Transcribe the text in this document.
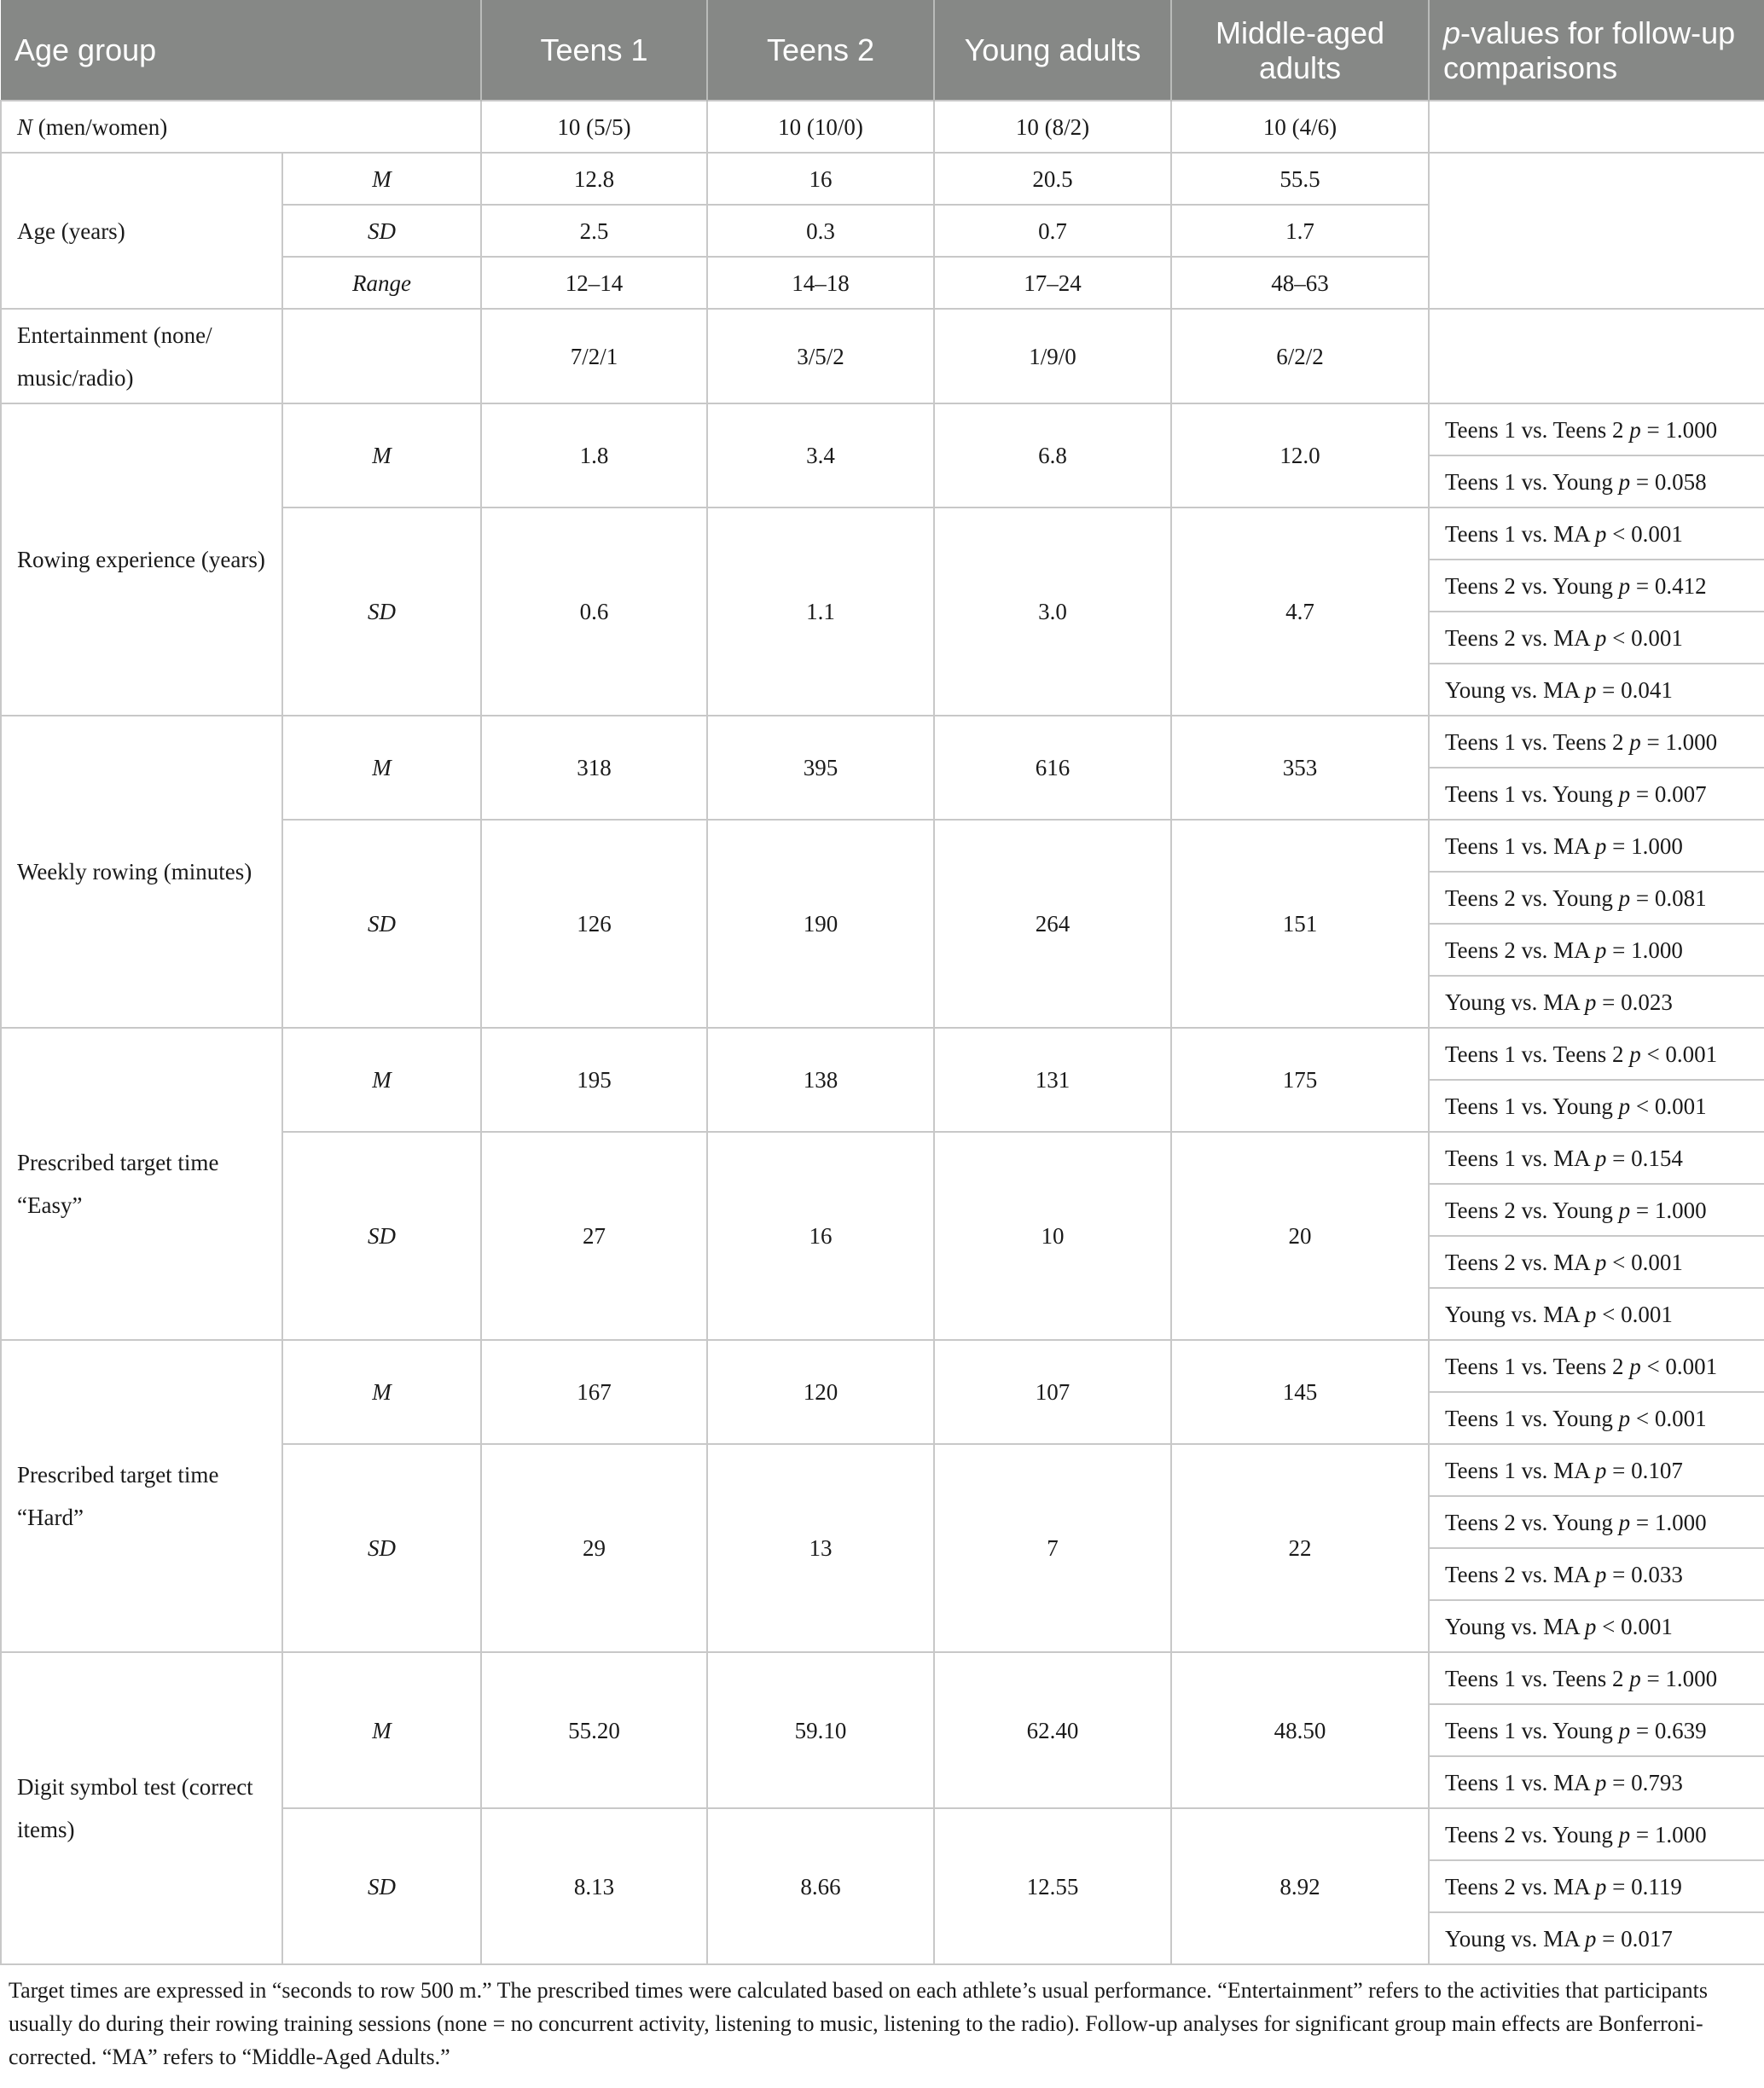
Age group		Teens 1	Teens 2	Young adults	Middle-aged adults	p-values for follow-up comparisons
N (men/women)		10 (5/5)	10 (10/0)	10 (8/2)	10 (4/6)	
Age (years)	M	12.8	16	20.5	55.5	
	SD	2.5	0.3	0.7	1.7	
	Range	12–14	14–18	17–24	48–63	
Entertainment (none/ music/radio)		7/2/1	3/5/2	1/9/0	6/2/2	
Rowing experience (years)	M	1.8	3.4	6.8	12.0	Teens 1 vs. Teens 2 p = 1.000
						Teens 1 vs. Young p = 0.058
	SD	0.6	1.1	3.0	4.7	Teens 1 vs. MA p < 0.001
						Teens 2 vs. Young p = 0.412
						Teens 2 vs. MA p < 0.001
						Young vs. MA p = 0.041
Weekly rowing (minutes)	M	318	395	616	353	Teens 1 vs. Teens 2 p = 1.000
						Teens 1 vs. Young p = 0.007
	SD	126	190	264	151	Teens 1 vs. MA p = 1.000
						Teens 2 vs. Young p = 0.081
						Teens 2 vs. MA p = 1.000
						Young vs. MA p = 0.023
Prescribed target time “Easy”	M	195	138	131	175	Teens 1 vs. Teens 2 p < 0.001
						Teens 1 vs. Young p < 0.001
	SD	27	16	10	20	Teens 1 vs. MA p = 0.154
						Teens 2 vs. Young p = 1.000
						Teens 2 vs. MA p < 0.001
						Young vs. MA p < 0.001
Prescribed target time “Hard”	M	167	120	107	145	Teens 1 vs. Teens 2 p < 0.001
						Teens 1 vs. Young p < 0.001
	SD	29	13	7	22	Teens 1 vs. MA p = 0.107
						Teens 2 vs. Young p = 1.000
						Teens 2 vs. MA p = 0.033
						Young vs. MA p < 0.001
Digit symbol test (correct items)	M	55.20	59.10	62.40	48.50	Teens 1 vs. Teens 2 p = 1.000
						Teens 1 vs. Young p = 0.639
						Teens 1 vs. MA p = 0.793
	SD	8.13	8.66	12.55	8.92	Teens 2 vs. Young p = 1.000
						Teens 2 vs. MA p = 0.119
						Young vs. MA p = 0.017
Target times are expressed in “seconds to row 500 m.” The prescribed times were calculated based on each athlete’s usual performance. “Entertainment” refers to the activities that participants usually do during their rowing training sessions (none = no concurrent activity, listening to music, listening to the radio). Follow-up analyses for significant group main effects are Bonferroni-corrected. “MA” refers to “Middle-Aged Adults.”
